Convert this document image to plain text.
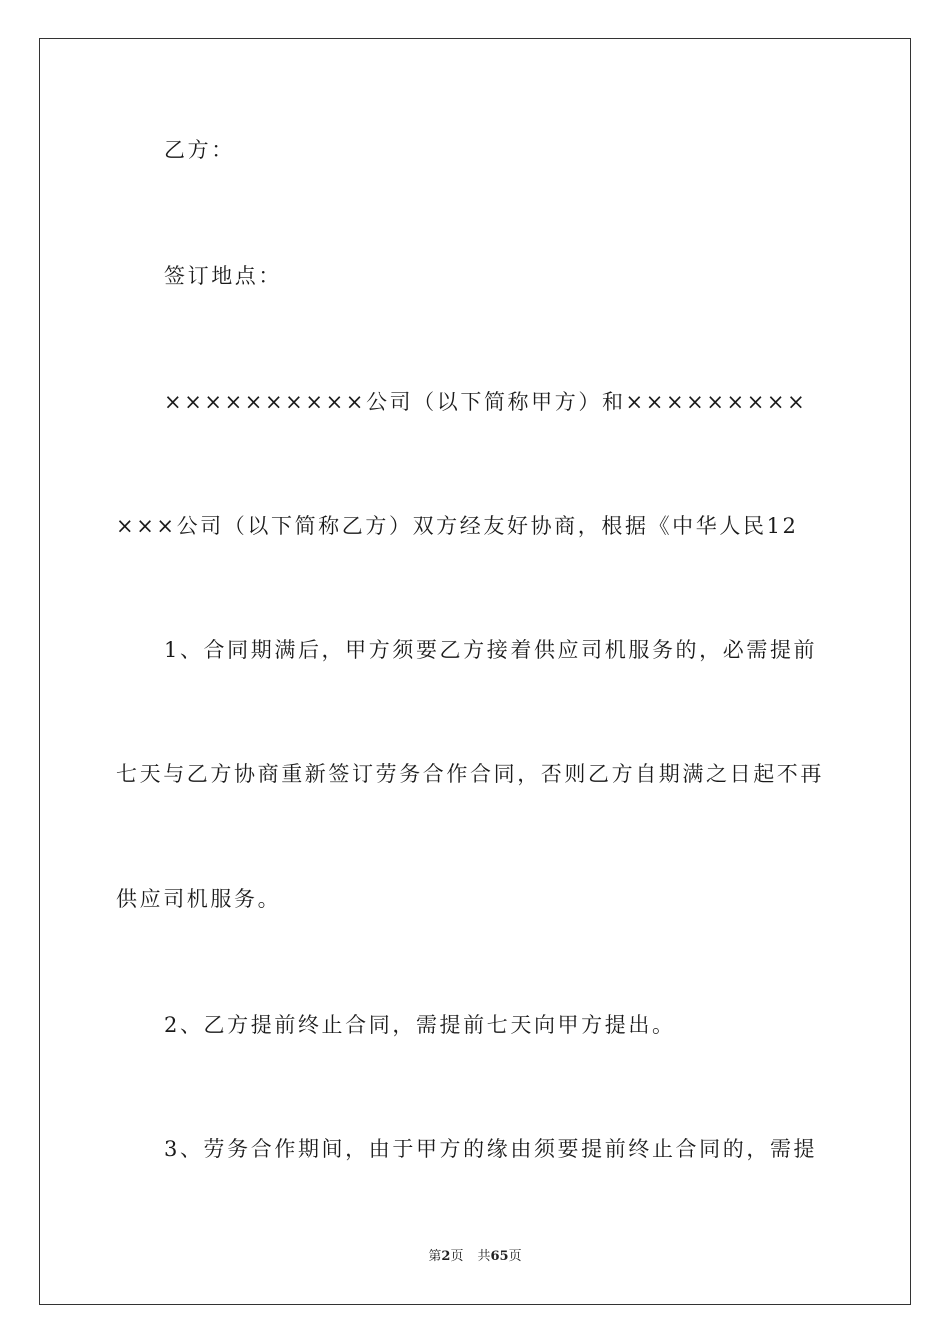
乙方：
签订地点：
××××××××××公司（以下简称甲方）和×××××××××
×××公司（以下简称乙方）双方经友好协商，根据《中华人民12
1、合同期满后，甲方须要乙方接着供应司机服务的，必需提前
七天与乙方协商重新签订劳务合作合同，否则乙方自期满之日起不再
供应司机服务。
2、乙方提前终止合同，需提前七天向甲方提出。
3、劳务合作期间，由于甲方的缘由须要提前终止合同的，需提
第2页 共65页
